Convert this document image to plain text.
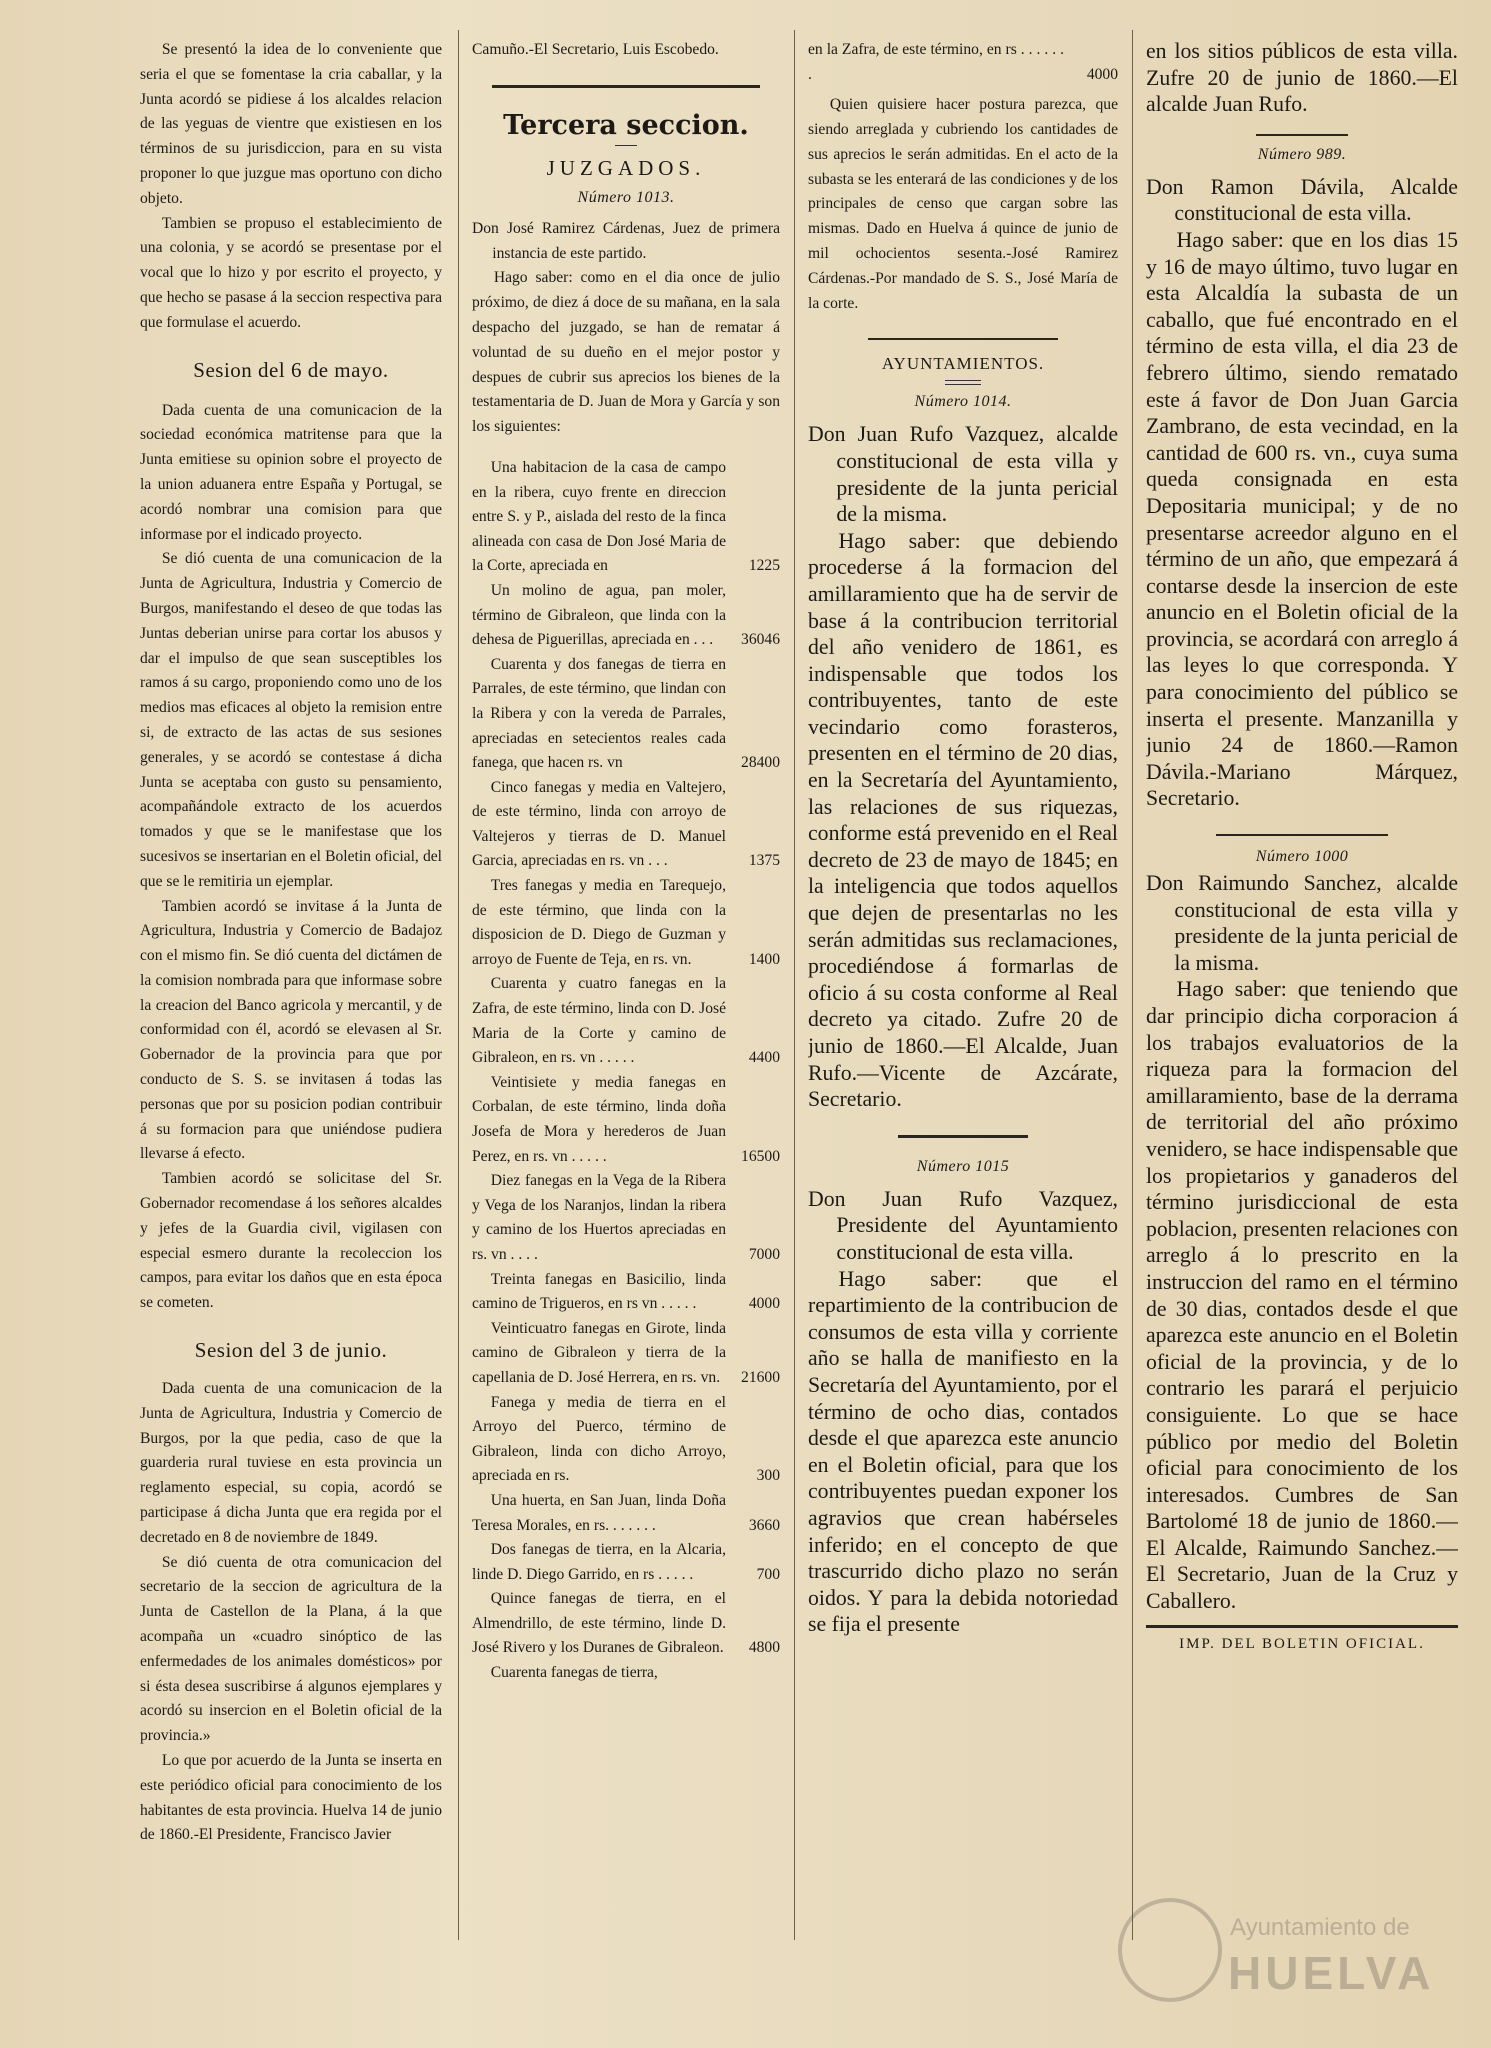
Se presentó la idea de lo conveniente que seria el que se fomentase la cria caballar, y la Junta acordó se pidiese á los alcaldes relacion de las yeguas de vientre que existiesen en los términos de su jurisdiccion, para en su vista proponer lo que juzgue mas oportuno con dicho objeto.

Tambien se propuso el establecimiento de una colonia, y se acordó se presentase por el vocal que lo hizo y por escrito el proyecto, y que hecho se pasase á la seccion respectiva para que formulase el acuerdo.

Sesion del 6 de mayo.

Dada cuenta de una comunicacion de la sociedad económica matritense para que la Junta emitiese su opinion sobre el proyecto de la union aduanera entre España y Portugal, se acordó nombrar una comision para que informase por el indicado proyecto.

Se dió cuenta de una comunicacion de la Junta de Agricultura, Industria y Comercio de Burgos, manifestando el deseo de que todas las Juntas deberian unirse para cortar los abusos y dar el impulso de que sean susceptibles los ramos á su cargo, proponiendo como uno de los medios mas eficaces al objeto la remision entre si, de extracto de las actas de sus sesiones generales, y se acordó se contestase á dicha Junta se aceptaba con gusto su pensamiento, acompañándole extracto de los acuerdos tomados y que se le manifestase que los sucesivos se insertarian en el Boletin oficial, del que se le remitiria un ejemplar.

Tambien acordó se invitase á la Junta de Agricultura, Industria y Comercio de Badajoz con el mismo fin. Se dió cuenta del dictámen de la comision nombrada para que informase sobre la creacion del Banco agricola y mercantil, y de conformidad con él, acordó se elevasen al Sr. Gobernador de la provincia para que por conducto de S. S. se invitasen á todas las personas que por su posicion podian contribuir á su formacion para que uniéndose pudiera llevarse á efecto.

Tambien acordó se solicitase del Sr. Gobernador recomendase á los señores alcaldes y jefes de la Guardia civil, vigilasen con especial esmero durante la recoleccion los campos, para evitar los daños que en esta época se cometen.

Sesion del 3 de junio.

Dada cuenta de una comunicacion de la Junta de Agricultura, Industria y Comercio de Burgos, por la que pedia, caso de que la guarderia rural tuviese en esta provincia un reglamento especial, su copia, acordó se participase á dicha Junta que era regida por el decretado en 8 de noviembre de 1849.

Se dió cuenta de otra comunicacion del secretario de la seccion de agricultura de la Junta de Castellon de la Plana, á la que acompaña un «cuadro sinóptico de las enfermedades de los animales domésticos» por si ésta desea suscribirse á algunos ejemplares y acordó su insercion en el Boletin oficial de la provincia.»

Lo que por acuerdo de la Junta se inserta en este periódico oficial para conocimiento de los habitantes de esta provincia. Huelva 14 de junio de 1860.-El Presidente, Francisco Javier

Camuño.-El Secretario, Luis Escobedo.

Tercera seccion.
JUZGADOS.
Número 1013.

Don José Ramirez Cárdenas, Juez de primera instancia de este partido.

Hago saber: como en el dia once de julio próximo, de diez á doce de su mañana, en la sala despacho del juzgado, se han de rematar á voluntad de su dueño en el mejor postor y despues de cubrir sus aprecios los bienes de la testamentaria de D. Juan de Mora y García y son los siguientes:

Una habitacion de la casa de campo en la ribera, cuyo frente en direccion entre S. y P., aislada del resto de la finca alineada con casa de Don José Maria de la Corte, apreciada en	1225
Un molino de agua, pan moler, término de Gibraleon, que linda con la dehesa de Piguerillas, apreciada en . . .	36046
Cuarenta y dos fanegas de tierra en Parrales, de este término, que lindan con la Ribera y con la vereda de Parrales, apreciadas en setecientos reales cada fanega, que hacen rs. vn	28400
Cinco fanegas y media en Valtejero, de este término, linda con arroyo de Valtejeros y tierras de D. Manuel Garcia, apreciadas en rs. vn . . .	1375
Tres fanegas y media en Tarequejo, de este término, que linda con la disposicion de D. Diego de Guzman y arroyo de Fuente de Teja, en rs. vn.	1400
Cuarenta y cuatro fanegas en la Zafra, de este término, linda con D. José Maria de la Corte y camino de Gibraleon, en rs. vn . . . . .	4400
Veintisiete y media fanegas en Corbalan, de este término, linda doña Josefa de Mora y herederos de Juan Perez, en rs. vn . . . . .	16500
Diez fanegas en la Vega de la Ribera y Vega de los Naranjos, lindan la ribera y camino de los Huertos apreciadas en rs. vn . . . .	7000
Treinta fanegas en Basicilio, linda camino de Trigueros, en rs vn . . . . .	4000
Veinticuatro fanegas en Girote, linda camino de Gibraleon y tierra de la capellania de D. José Herrera, en rs. vn.	21600
Fanega y media de tierra en el Arroyo del Puerco, término de Gibraleon, linda con dicho Arroyo, apreciada en rs.	300
Una huerta, en San Juan, linda Doña Teresa Morales, en rs. . . . . . .	3660
Dos fanegas de tierra, en la Alcaria, linde D. Diego Garrido, en rs . . . . .	700
Quince fanegas de tierra, en el Almendrillo, de este término, linde D. José Rivero y los Duranes de Gibraleon.	4800
Cuarenta fanegas de tierra,
en la Zafra, de este término, en rs . . . . . . .	4000

Quien quisiere hacer postura parezca, que siendo arreglada y cubriendo los cantidades de sus aprecios le serán admitidas. En el acto de la subasta se les enterará de las condiciones y de los principales de censo que cargan sobre las mismas. Dado en Huelva á quince de junio de mil ochocientos sesenta.-José Ramirez Cárdenas.-Por mandado de S. S., José María de la corte.

AYUNTAMIENTOS.
Número 1014.

Don Juan Rufo Vazquez, alcalde constitucional de esta villa y presidente de la junta pericial de la misma.

Hago saber: que debiendo procederse á la formacion del amillaramiento que ha de servir de base á la contribucion territorial del año venidero de 1861, es indispensable que todos los contribuyentes, tanto de este vecindario como forasteros, presenten en el término de 20 dias, en la Secretaría del Ayuntamiento, las relaciones de sus riquezas, conforme está prevenido en el Real decreto de 23 de mayo de 1845; en la inteligencia que todos aquellos que dejen de presentarlas no les serán admitidas sus reclamaciones, procediéndose á formarlas de oficio á su costa conforme al Real decreto ya citado. Zufre 20 de junio de 1860.—El Alcalde, Juan Rufo.—Vicente de Azcárate, Secretario.

Número 1015

Don Juan Rufo Vazquez, Presidente del Ayuntamiento constitucional de esta villa.

Hago saber: que el repartimiento de la contribucion de consumos de esta villa y corriente año se halla de manifiesto en la Secretaría del Ayuntamiento, por el término de ocho dias, contados desde el que aparezca este anuncio en el Boletin oficial, para que los contribuyentes puedan exponer los agravios que crean habérseles inferido; en el concepto de que trascurrido dicho plazo no serán oidos. Y para la debida notoriedad se fija el presente

en los sitios públicos de esta villa. Zufre 20 de junio de 1860.—El alcalde Juan Rufo.

Número 989.

Don Ramon Dávila, Alcalde constitucional de esta villa.

Hago saber: que en los dias 15 y 16 de mayo último, tuvo lugar en esta Alcaldía la subasta de un caballo, que fué encontrado en el término de esta villa, el dia 23 de febrero último, siendo rematado este á favor de Don Juan Garcia Zambrano, de esta vecindad, en la cantidad de 600 rs. vn., cuya suma queda consignada en esta Depositaria municipal; y de no presentarse acreedor alguno en el término de un año, que empezará á contarse desde la insercion de este anuncio en el Boletin oficial de la provincia, se acordará con arreglo á las leyes lo que corresponda. Y para conocimiento del público se inserta el presente. Manzanilla y junio 24 de 1860.—Ramon Dávila.-Mariano Márquez, Secretario.

Número 1000

Don Raimundo Sanchez, alcalde constitucional de esta villa y presidente de la junta pericial de la misma.

Hago saber: que teniendo que dar principio dicha corporacion á los trabajos evaluatorios de la riqueza para la formacion del amillaramiento, base de la derrama de territorial del año próximo venidero, se hace indispensable que los propietarios y ganaderos del término jurisdiccional de esta poblacion, presenten relaciones con arreglo á lo prescrito en la instruccion del ramo en el término de 30 dias, contados desde el que aparezca este anuncio en el Boletin oficial de la provincia, y de lo contrario les parará el perjuicio consiguiente. Lo que se hace público por medio del Boletin oficial para conocimiento de los interesados. Cumbres de San Bartolomé 18 de junio de 1860.—El Alcalde, Raimundo Sanchez.—El Secretario, Juan de la Cruz y Caballero.

IMP. DEL BOLETIN OFICIAL.
Ayuntamiento de
HUELVA
